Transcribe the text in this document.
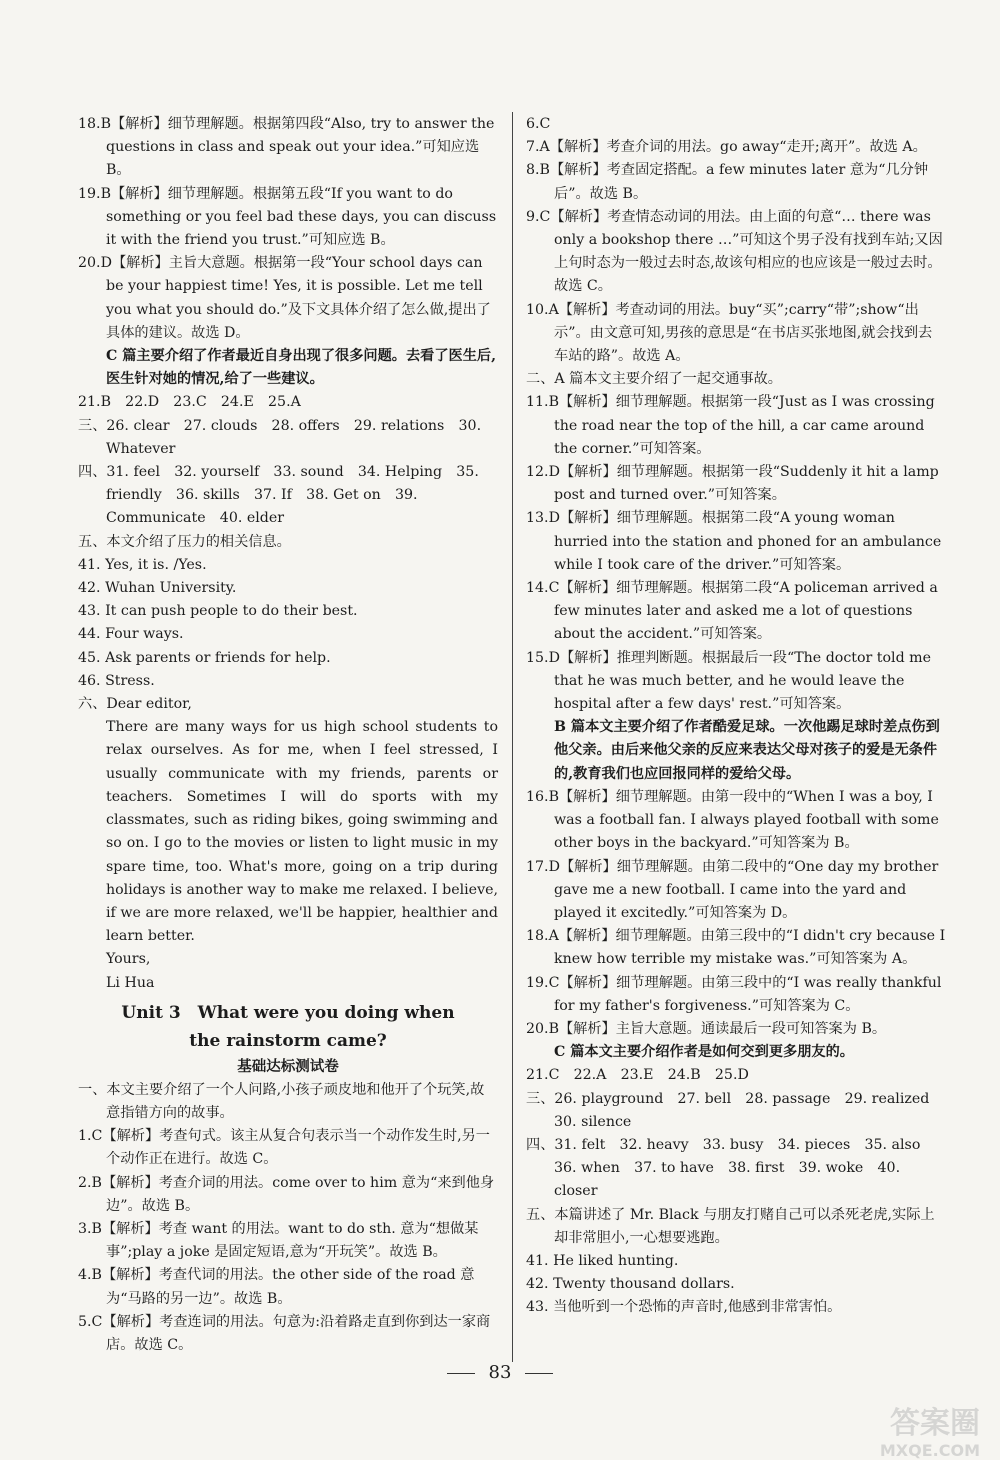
18.B【解析】细节理解题。根据第四段“Also, try to answer the questions in class and speak out your idea.”可知应选 B。

19.B【解析】细节理解题。根据第五段“If you want to do something or you feel bad these days, you can discuss it with the friend you trust.”可知应选 B。

20.D【解析】主旨大意题。根据第一段“Your school days can be your happiest time! Yes, it is possible. Let me tell you what you should do.”及下文具体介绍了怎么做,提出了具体的建议。故选 D。

C 篇主要介绍了作者最近自身出现了很多问题。去看了医生后,医生针对她的情况,给了一些建议。

21.B　22.D　23.C　24.E　25.A

三、26. clear　27. clouds　28. offers　29. relations　30. Whatever

四、31. feel　32. yourself　33. sound　34. Helping　35. friendly　36. skills　37. If　38. Get on　39. Communicate　40. elder

五、本文介绍了压力的相关信息。

41. Yes, it is. /Yes.

42. Wuhan University.

43. It can push people to do their best.

44. Four ways.

45. Ask parents or friends for help.

46. Stress.

六、Dear editor,

There are many ways for us high school students to relax ourselves. As for me, when I feel stressed, I usually communicate with my friends, parents or teachers. Sometimes I will do sports with my classmates, such as riding bikes, going swimming and so on. I go to the movies or listen to light music in my spare time, too. What's more, going on a trip during holidays is another way to make me relaxed. I believe, if we are more relaxed, we'll be happier, healthier and learn better.

Yours,

Li Hua

Unit 3　What were you doing when
the rainstorm came?
基础达标测试卷

一、本文主要介绍了一个人问路,小孩子顽皮地和他开了个玩笑,故意指错方向的故事。

1.C【解析】考查句式。该主从复合句表示当一个动作发生时,另一个动作正在进行。故选 C。

2.B【解析】考查介词的用法。come over to him 意为“来到他身边”。故选 B。

3.B【解析】考查 want 的用法。want to do sth. 意为“想做某事”;play a joke 是固定短语,意为“开玩笑”。故选 B。

4.B【解析】考查代词的用法。the other side of the road 意为“马路的另一边”。故选 B。

5.C【解析】考查连词的用法。句意为:沿着路走直到你到达一家商店。故选 C。

6.C

7.A【解析】考查介词的用法。go away“走开;离开”。故选 A。

8.B【解析】考查固定搭配。a few minutes later 意为“几分钟后”。故选 B。

9.C【解析】考查情态动词的用法。由上面的句意“… there was only a bookshop there …”可知这个男子没有找到车站;又因上句时态为一般过去时态,故该句相应的也应该是一般过去时。故选 C。

10.A【解析】考查动词的用法。buy“买”;carry“带”;show“出示”。由文意可知,男孩的意思是“在书店买张地图,就会找到去车站的路”。故选 A。

二、A 篇本文主要介绍了一起交通事故。

11.B【解析】细节理解题。根据第一段“Just as I was crossing the road near the top of the hill, a car came around the corner.”可知答案。

12.D【解析】细节理解题。根据第一段“Suddenly it hit a lamp post and turned over.”可知答案。

13.D【解析】细节理解题。根据第二段“A young woman hurried into the station and phoned for an ambulance while I took care of the driver.”可知答案。

14.C【解析】细节理解题。根据第二段“A policeman arrived a few minutes later and asked me a lot of questions about the accident.”可知答案。

15.D【解析】推理判断题。根据最后一段“The doctor told me that he was much better, and he would leave the hospital after a few days' rest.”可知答案。

B 篇本文主要介绍了作者酷爱足球。一次他踢足球时差点伤到他父亲。由后来他父亲的反应来表达父母对孩子的爱是无条件的,教育我们也应回报同样的爱给父母。

16.B【解析】细节理解题。由第一段中的“When I was a boy, I was a football fan. I always played football with some other boys in the backyard.”可知答案为 B。

17.D【解析】细节理解题。由第二段中的“One day my brother gave me a new football. I came into the yard and played it excitedly.”可知答案为 D。

18.A【解析】细节理解题。由第三段中的“I didn't cry because I knew how terrible my mistake was.”可知答案为 A。

19.C【解析】细节理解题。由第三段中的“I was really thankful for my father's forgiveness.”可知答案为 C。

20.B【解析】主旨大意题。通读最后一段可知答案为 B。

C 篇本文主要介绍作者是如何交到更多朋友的。

21.C　22.A　23.E　24.B　25.D

三、26. playground　27. bell　28. passage　29. realized　30. silence

四、31. felt　32. heavy　33. busy　34. pieces　35. also　36. when　37. to have　38. first　39. woke　40. closer

五、本篇讲述了 Mr. Black 与朋友打赌自己可以杀死老虎,实际上却非常胆小,一心想要逃跑。

41. He liked hunting.

42. Twenty thousand dollars.

43. 当他听到一个恐怖的声音时,他感到非常害怕。

83
答案圈
MXQE.COM
